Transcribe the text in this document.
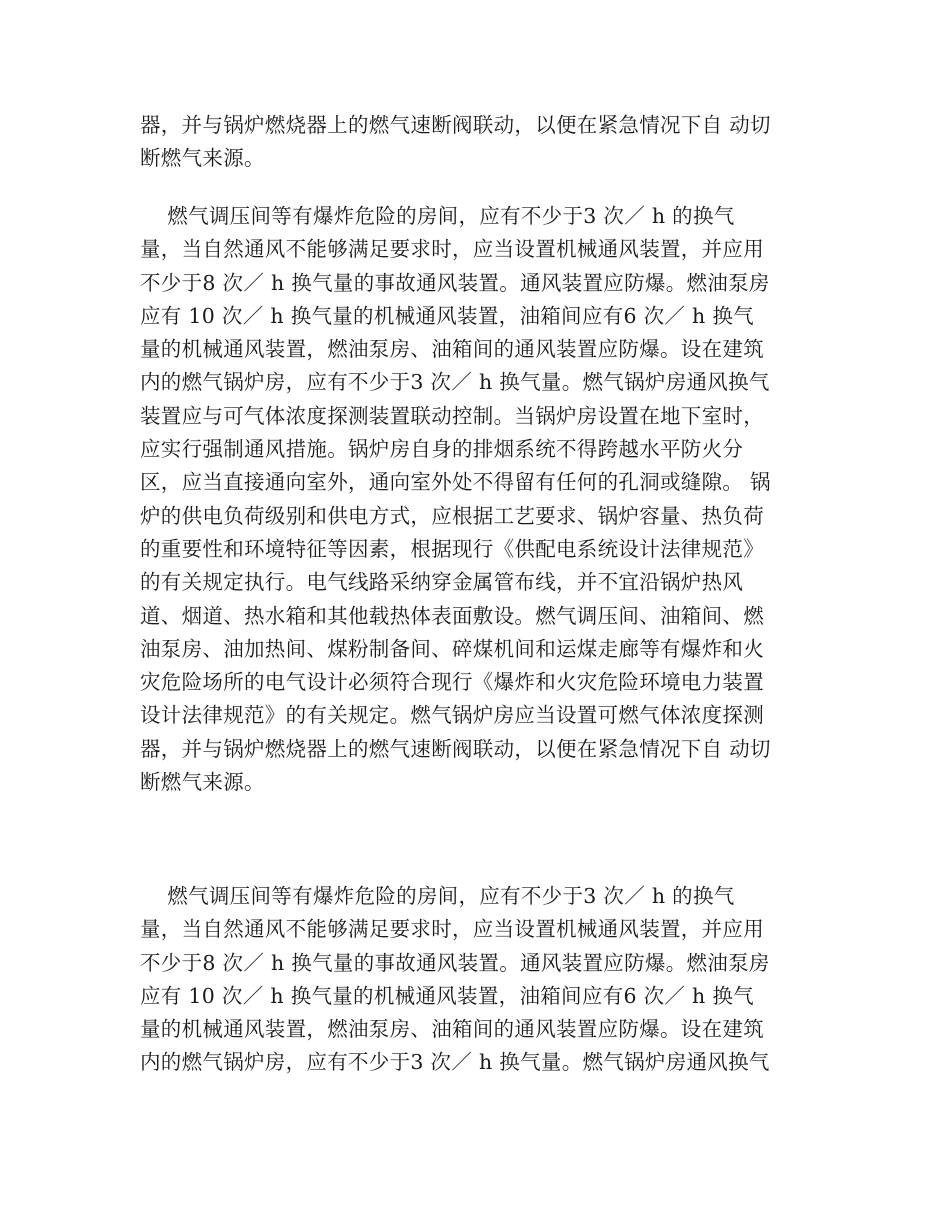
器，并与锅炉燃烧器上的燃气速断阀联动，以便在紧急情况下自 动切
断燃气来源。
燃气调压间等有爆炸危险的房间，应有不少于3 次／ h 的换气
量，当自然通风不能够满足要求时，应当设置机械通风装置，并应用
不少于8 次／ h 换气量的事故通风装置。通风装置应防爆。燃油泵房
应有 10 次／ h 换气量的机械通风装置，油箱间应有6 次／ h 换气
量的机械通风装置，燃油泵房、油箱间的通风装置应防爆。设在建筑
内的燃气锅炉房，应有不少于3 次／ h 换气量。燃气锅炉房通风换气
装置应与可气体浓度探测装置联动控制。当锅炉房设置在地下室时，
应实行强制通风措施。锅炉房自身的排烟系统不得跨越水平防火分
区，应当直接通向室外，通向室外处不得留有任何的孔洞或缝隙。 锅
炉的供电负荷级别和供电方式，应根据工艺要求、锅炉容量、热负荷
的重要性和环境特征等因素，根据现行《供配电系统设计法律规范》
的有关规定执行。电气线路采纳穿金属管布线，并不宜沿锅炉热风
道、烟道、热水箱和其他载热体表面敷设。燃气调压间、油箱间、燃
油泵房、油加热间、煤粉制备间、碎煤机间和运煤走廊等有爆炸和火
灾危险场所的电气设计必须符合现行《爆炸和火灾危险环境电力装置
设计法律规范》的有关规定。燃气锅炉房应当设置可燃气体浓度探测
器，并与锅炉燃烧器上的燃气速断阀联动，以便在紧急情况下自 动切
断燃气来源。
燃气调压间等有爆炸危险的房间，应有不少于3 次／ h 的换气
量，当自然通风不能够满足要求时，应当设置机械通风装置，并应用
不少于8 次／ h 换气量的事故通风装置。通风装置应防爆。燃油泵房
应有 10 次／ h 换气量的机械通风装置，油箱间应有6 次／ h 换气
量的机械通风装置，燃油泵房、油箱间的通风装置应防爆。设在建筑
内的燃气锅炉房，应有不少于3 次／ h 换气量。燃气锅炉房通风换气
